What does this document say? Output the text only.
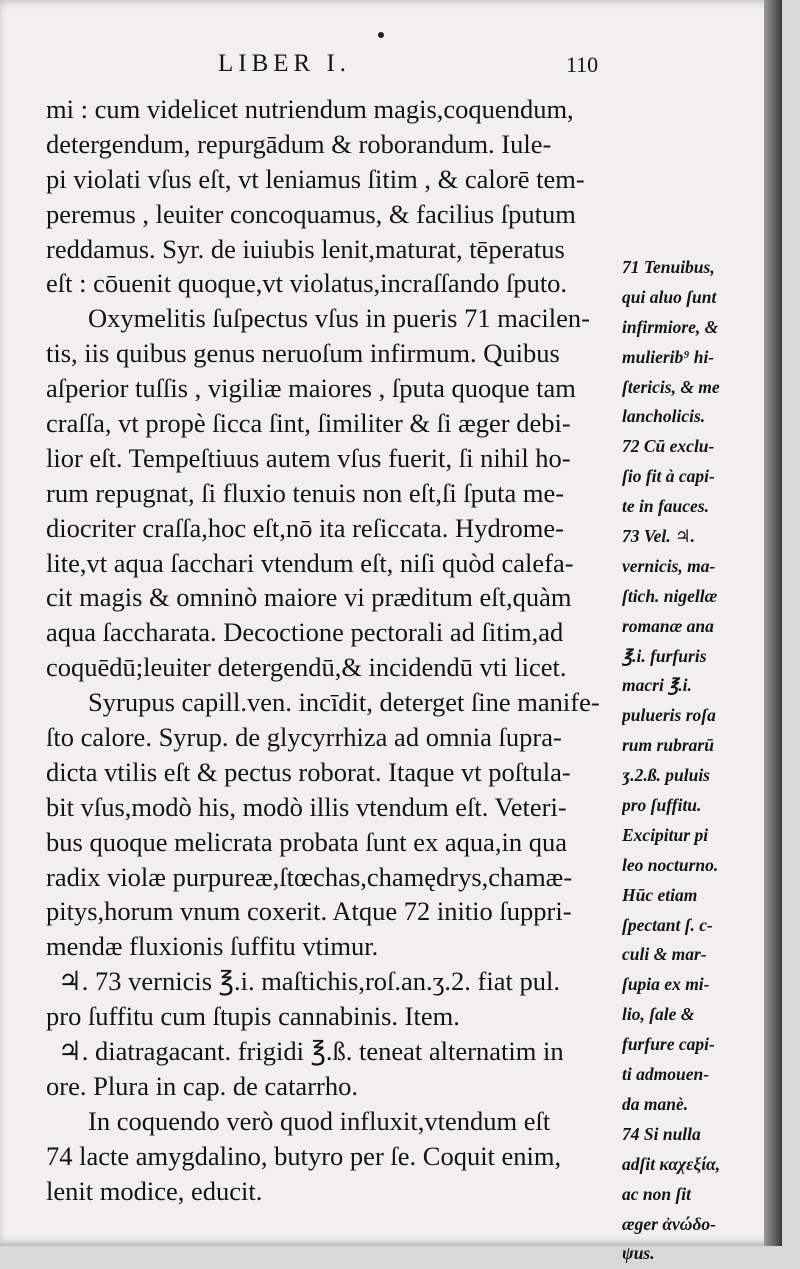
LIBER I.	110
mi : cum videlicet nutriendum magis,coquendum,
detergendum, repurgādum & roborandum. Iule-
pi violati vſus eſt, vt leniamus ſitim , & calorē tem-
peremus , leuiter concoquamus, & facilius ſputum
reddamus. Syr. de iuiubis lenit,maturat, tēperatus
eſt : cōuenit quoque,vt violatus,incraſſando ſputo.
Oxymelitis ſuſpectus vſus in pueris 71 macilen-
tis, iis quibus genus neruoſum infirmum. Quibus
aſperior tuſſis , vigiliæ maiores , ſputa quoque tam
craſſa, vt propè ſicca ſint, ſimiliter & ſi æger debi-
lior eſt. Tempeſtiuus autem vſus fuerit, ſi nihil ho-
rum repugnat, ſi fluxio tenuis non eſt,ſi ſputa me-
diocriter craſſa,hoc eſt,nō ita reſiccata. Hydrome-
lite,vt aqua ſacchari vtendum eſt, niſi quòd calefa-
cit magis & omninò maiore vi præditum eſt,quàm
aqua ſaccharata. Decoctione pectorali ad ſitim,ad
coquēdū;leuiter detergendū,& incidendū vti licet.
Syrupus capill.ven. incīdit, deterget ſine manife-
ſto calore. Syrup. de glycyrrhiza ad omnia ſupra-
dicta vtilis eſt & pectus roborat. Itaque vt poſtula-
bit vſus,modò his, modò illis vtendum eſt. Veteri-
bus quoque melicrata probata ſunt ex aqua,in qua
radix violæ purpureæ,ſtœchas,chamędrys,chamæ-
pitys,horum vnum coxerit. Atque 72 initio ſuppri-
mendæ fluxionis ſuffitu vtimur.
♃. 73 vernicis ℥.i. maſtichis,roſ.an.ʒ.2. fiat pul.
pro ſuffitu cum ſtupis cannabinis. Item.
♃. diatragacant. frigidi ℥.ß. teneat alternatim in
ore. Plura in cap. de catarrho.
In coquendo verò quod influxit,vtendum eſt
74 lacte amygdalino, butyro per ſe. Coquit enim,
lenit modice, educit.
71 Tenuibus,
qui aluo ſunt
infirmiore, &
mulierib⁹ hi-
ſtericis, & me
lancholicis.
72 Cū exclu-
ſio fit à capi-
te in fauces.
73 Vel. ♃.
vernicis, ma-
ſtich. nigellæ
romanæ ana
℥.i. furfuris
macri ℥.i.
pulueris roſa
rum rubrarū
ʒ.2.ß. puluis
pro ſuffitu.
Excipitur pi
leo nocturno.
Hūc etiam
ſpectant ſ. c-
culi & mar-
ſupia ex mi-
lio, ſale &
furfure capi-
ti admouen-
da manè.
74 Si nulla
adſit καχεξία,
ac non ſit
æger ἀνώδο-
ψus.
